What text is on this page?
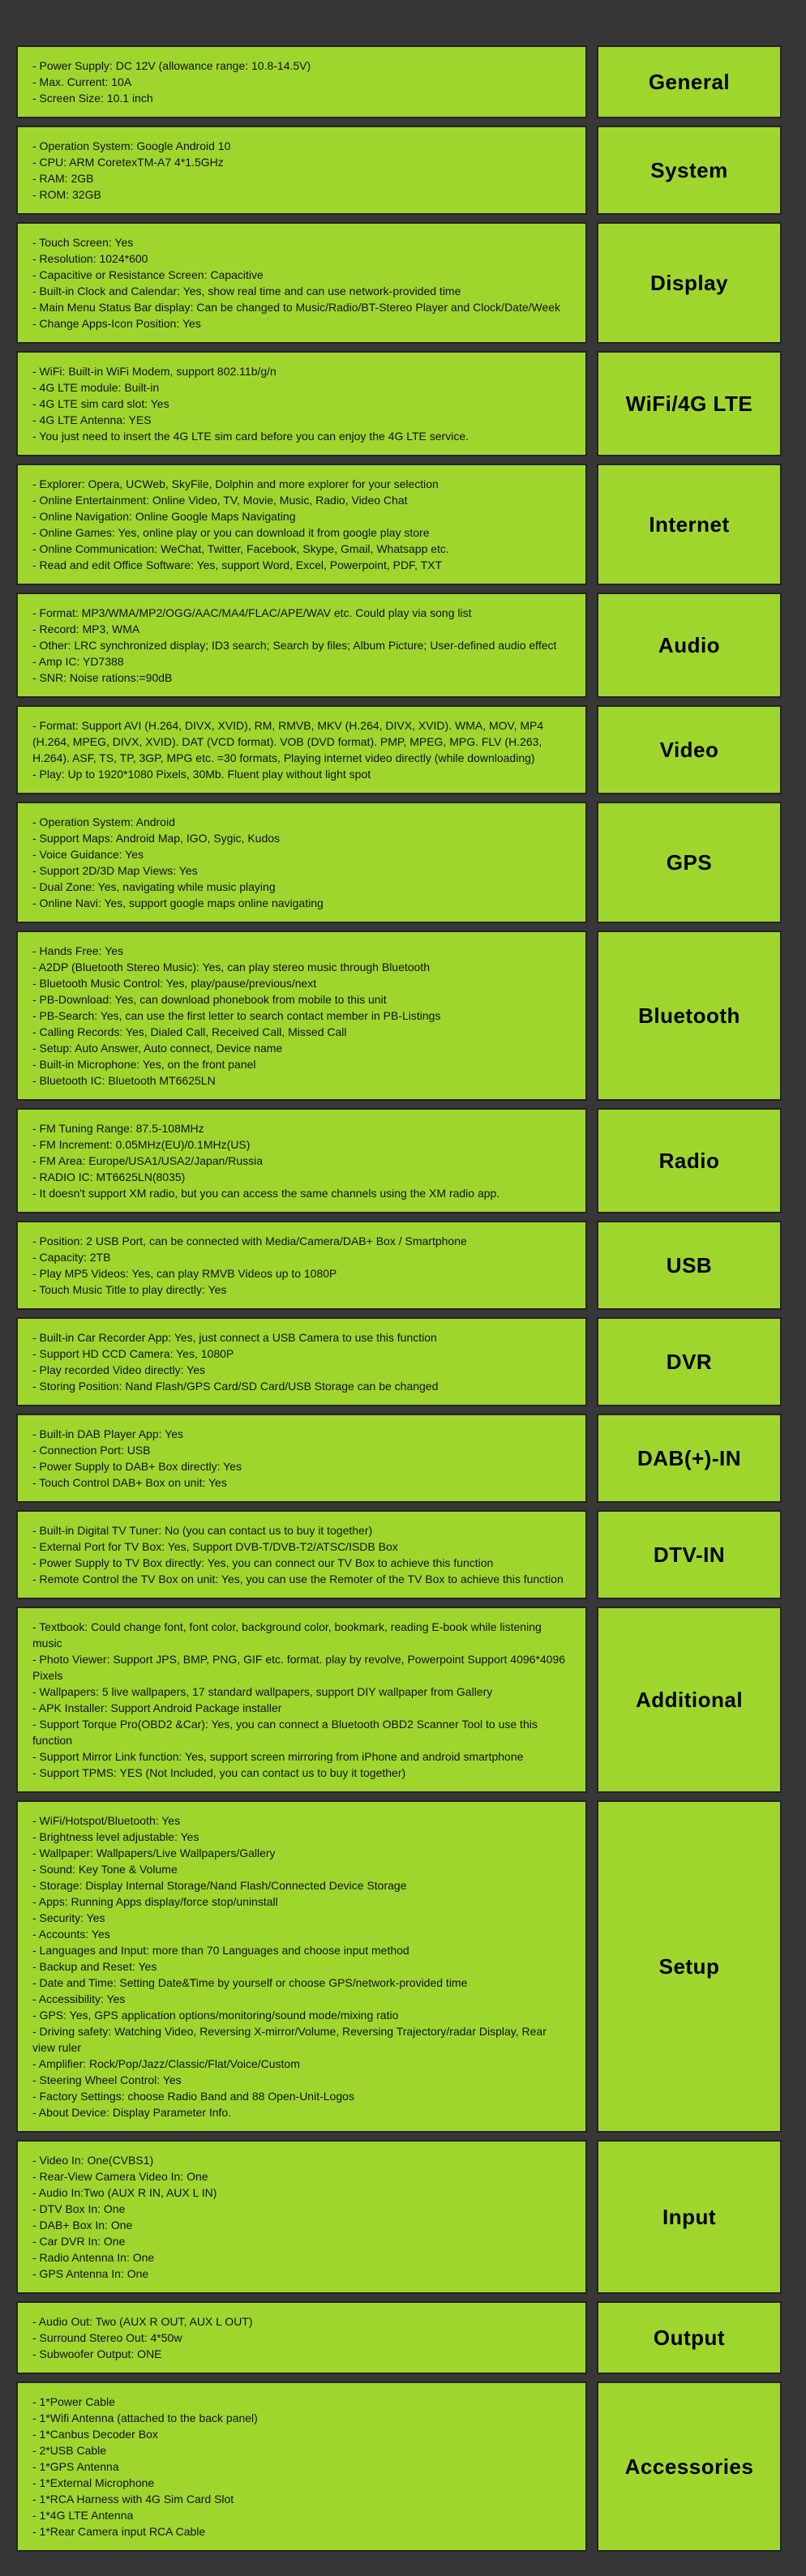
- Power Supply: DC 12V (allowance range: 10.8-14.5V)
- Max. Current: 10A
- Screen Size: 10.1 inch
General
- Operation System: Google Android 10
- CPU: ARM CoretexTM-A7 4*1.5GHz
- RAM: 2GB
- ROM: 32GB
System
- Touch Screen: Yes
- Resolution: 1024*600
- Capacitive or Resistance Screen: Capacitive
- Built-in Clock and Calendar: Yes, show real time and can use network-provided time
- Main Menu Status Bar display: Can be changed to Music/Radio/BT-Stereo Player and Clock/Date/Week
- Change Apps-Icon Position: Yes
Display
- WiFi: Built-in WiFi Modem, support 802.11b/g/n
- 4G LTE module: Built-in
- 4G LTE sim card slot: Yes
- 4G LTE Antenna: YES
- You just need to insert the 4G LTE sim card before you can enjoy the 4G LTE service.
WiFi/4G LTE
- Explorer: Opera, UCWeb, SkyFile, Dolphin and more explorer for your selection
- Online Entertainment: Online Video, TV, Movie, Music, Radio, Video Chat
- Online Navigation: Online Google Maps Navigating
- Online Games: Yes, online play or you can download it from google play store
- Online Communication: WeChat, Twitter, Facebook, Skype, Gmail, Whatsapp etc.
- Read and edit Office Software: Yes, support Word, Excel, Powerpoint, PDF, TXT
Internet
- Format: MP3/WMA/MP2/OGG/AAC/MA4/FLAC/APE/WAV etc. Could play via song list
- Record: MP3, WMA
- Other: LRC synchronized display; ID3 search; Search by files; Album Picture; User-defined audio effect
- Amp IC: YD7388
- SNR: Noise rations:=90dB
Audio
- Format: Support AVI (H.264, DIVX, XVID), RM, RMVB, MKV (H.264, DIVX, XVID). WMA, MOV, MP4 (H.264, MPEG, DIVX, XVID). DAT (VCD format). VOB (DVD format). PMP, MPEG, MPG. FLV (H.263, H.264). ASF, TS, TP, 3GP, MPG etc. =30 formats, Playing internet video directly (while downloading)
- Play: Up to 1920*1080 Pixels, 30Mb. Fluent play without light spot
Video
- Operation System: Android
- Support Maps: Android Map, IGO, Sygic, Kudos
- Voice Guidance: Yes
- Support 2D/3D Map Views: Yes
- Dual Zone: Yes, navigating while music playing
- Online Navi: Yes, support google maps online navigating
GPS
- Hands Free: Yes
- A2DP (Bluetooth Stereo Music): Yes, can play stereo music through Bluetooth
- Bluetooth Music Control: Yes, play/pause/previous/next
- PB-Download: Yes, can download phonebook from mobile to this unit
- PB-Search: Yes, can use the first letter to search contact member in PB-Listings
- Calling Records: Yes, Dialed Call, Received Call, Missed Call
- Setup: Auto Answer, Auto connect, Device name
- Built-in Microphone: Yes, on the front panel
- Bluetooth IC: Bluetooth MT6625LN
Bluetooth
- FM Tuning Range: 87.5-108MHz
- FM Increment: 0.05MHz(EU)/0.1MHz(US)
- FM Area: Europe/USA1/USA2/Japan/Russia
- RADIO IC: MT6625LN(8035)
- It doesn't support XM radio, but you can access the same channels using the XM radio app.
Radio
- Position: 2 USB Port, can be connected with Media/Camera/DAB+ Box / Smartphone
- Capacity: 2TB
- Play MP5 Videos: Yes, can play RMVB Videos up to 1080P
- Touch Music Title to play directly: Yes
USB
- Built-in Car Recorder App: Yes, just connect a USB Camera to use this function
- Support HD CCD Camera: Yes, 1080P
- Play recorded Video directly: Yes
- Storing Position: Nand Flash/GPS Card/SD Card/USB Storage can be changed
DVR
- Built-in DAB Player App: Yes
- Connection Port: USB
- Power Supply to DAB+ Box directly: Yes
- Touch Control DAB+ Box on unit: Yes
DAB(+)-IN
- Built-in Digital TV Tuner: No (you can contact us to buy it together)
- External Port for TV Box: Yes, Support DVB-T/DVB-T2/ATSC/ISDB Box
- Power Supply to TV Box directly: Yes, you can connect our TV Box to achieve this function
- Remote Control the TV Box on unit: Yes, you can use the Remoter of the TV Box to achieve this function
DTV-IN
- Textbook: Could change font, font color, background color, bookmark, reading E-book while listening music
- Photo Viewer: Support JPS, BMP, PNG, GIF etc. format. play by revolve, Powerpoint Support 4096*4096 Pixels
- Wallpapers: 5 live wallpapers, 17 standard wallpapers, support DIY wallpaper from Gallery
- APK Installer: Support Android Package installer
- Support Torque Pro(OBD2 &Car): Yes, you can connect a Bluetooth OBD2 Scanner Tool to use this function
- Support Mirror Link function: Yes, support screen mirroring from iPhone and android smartphone
- Support TPMS: YES (Not Included, you can contact us to buy it together)
Additional
- WiFi/Hotspot/Bluetooth: Yes
- Brightness level adjustable: Yes
- Wallpaper: Wallpapers/Live Wallpapers/Gallery
- Sound: Key Tone & Volume
- Storage: Display Internal Storage/Nand Flash/Connected Device Storage
- Apps: Running Apps display/force stop/uninstall
- Security: Yes
- Accounts: Yes
- Languages and Input: more than 70 Languages and choose input method
- Backup and Reset: Yes
- Date and Time: Setting Date&Time by yourself or choose GPS/network-provided time
- Accessibility: Yes
- GPS: Yes, GPS application options/monitoring/sound mode/mixing ratio
- Driving safety: Watching Video, Reversing X-mirror/Volume, Reversing Trajectory/radar Display, Rear view ruler
- Amplifier: Rock/Pop/Jazz/Classic/Flat/Voice/Custom
- Steering Wheel Control: Yes
- Factory Settings: choose Radio Band and 88 Open-Unit-Logos
- About Device: Display Parameter Info.
Setup
- Video In: One(CVBS1)
- Rear-View Camera Video In: One
- Audio In:Two (AUX R IN, AUX L IN)
- DTV Box In: One
- DAB+ Box In: One
- Car DVR In: One
- Radio Antenna In: One
- GPS Antenna In: One
Input
- Audio Out: Two (AUX R OUT, AUX L OUT)
- Surround Stereo Out: 4*50w
- Subwoofer Output: ONE
Output
- 1*Power Cable
- 1*Wifi Antenna (attached to the back panel)
- 1*Canbus Decoder Box
- 2*USB Cable
- 1*GPS Antenna
- 1*External Microphone
- 1*RCA Harness with 4G Sim Card Slot
- 1*4G LTE Antenna
- 1*Rear Camera input RCA Cable
Accessories
